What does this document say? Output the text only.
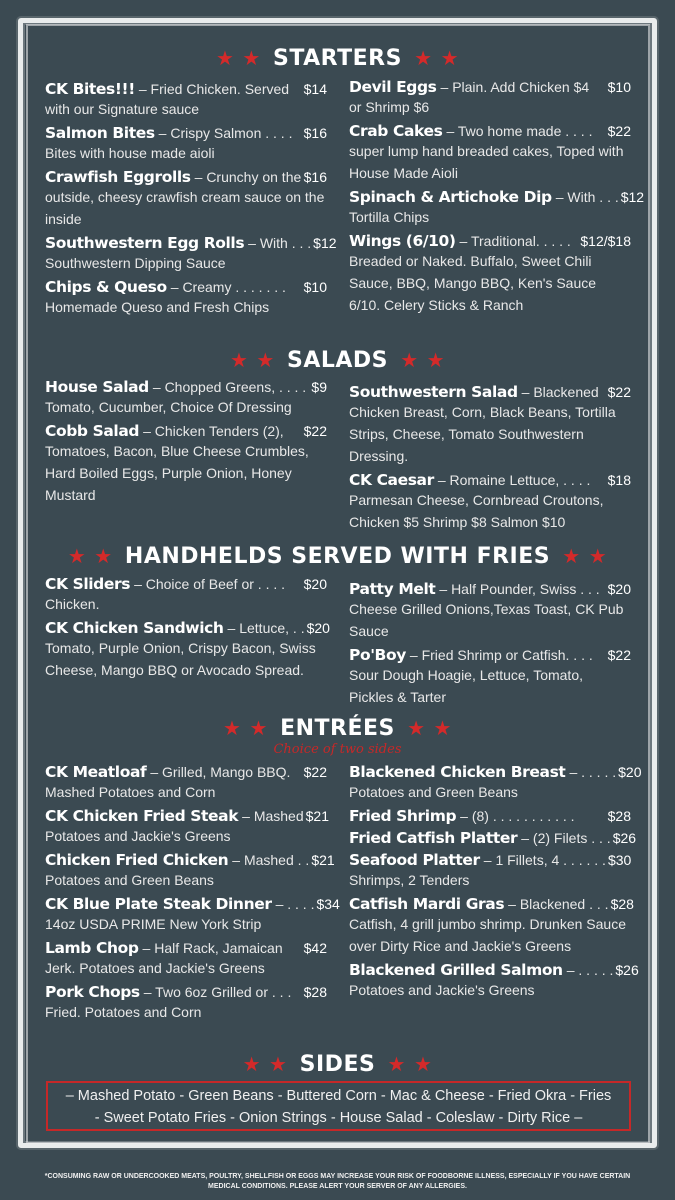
★ ★ STARTERS ★ ★
CK Bites!!! – Fried Chicken. Served	$14
with our Signature sauce
Salmon Bites – Crispy Salmon . . . . $16
Bites with house made aioli
Crawfish Eggrolls – Crunchy on the $16
outside, cheesy crawfish cream sauce on the inside
Southwestern Egg Rolls – With . . . $12
Southwestern Dipping Sauce
Chips & Queso – Creamy . . . . . . .	$10
Homemade Queso and Fresh Chips
Devil Eggs – Plain. Add Chicken $4	$10
or Shrimp $6
Crab Cakes – Two home made . . . .	$22
super lump hand breaded cakes, Toped with House Made Aioli
Spinach & Artichoke Dip – With . . . $12
Tortilla Chips
Wings (6/10) – Traditional. . . . . $12/$18
Breaded or Naked. Buffalo, Sweet Chili Sauce, BBQ, Mango BBQ, Ken's Sauce 6/10. Celery Sticks & Ranch
★ ★ SALADS ★ ★
House Salad – Chopped Greens, . . . . $9
Tomato, Cucumber, Choice Of Dressing
Cobb Salad – Chicken Tenders (2),	$22
Tomatoes, Bacon, Blue Cheese Crumbles, Hard Boiled Eggs, Purple Onion, Honey Mustard
Southwestern Salad – Blackened $22
Chicken Breast, Corn, Black Beans, Tortilla Strips, Cheese, Tomato Southwestern Dressing.
CK Caesar – Romaine Lettuce, . . . .	$18
Parmesan Cheese, Cornbread Croutons, Chicken $5 Shrimp $8 Salmon $10
★ ★ HANDHELDS SERVED WITH FRIES ★ ★
CK Sliders – Choice of Beef or . . . .	$20
Chicken.
CK Chicken Sandwich – Lettuce, . . $20
Tomato, Purple Onion, Crispy Bacon, Swiss Cheese, Mango BBQ or Avocado Spread.
Patty Melt – Half Pounder, Swiss . . . $20
Cheese Grilled Onions,Texas Toast, CK Pub Sauce
Po'Boy – Fried Shrimp or Catfish. . . .	$22
Sour Dough Hoagie, Lettuce, Tomato, Pickles & Tarter
★ ★ ENTRÉES ★ ★
Choice of two sides
CK Meatloaf – Grilled, Mango BBQ. $22
Mashed Potatoes and Corn
CK Chicken Fried Steak – Mashed $21
Potatoes and Jackie's Greens
Chicken Fried Chicken – Mashed . . $21
Potatoes and Green Beans
CK Blue Plate Steak Dinner – . . . . $34
14oz USDA PRIME New York Strip
Lamb Chop – Half Rack, Jamaican	$42
Jerk. Potatoes and Jackie's Greens
Pork Chops – Two 6oz Grilled or . . . $28
Fried. Potatoes and Corn
Blackened Chicken Breast – . . . . . $20
Potatoes and Green Beans
Fried Shrimp – (8) . . . . . . . . . . .	$28
Fried Catfish Platter – (2) Filets . . . $26
Seafood Platter – 1 Fillets, 4 . . . . . . $30
Shrimps, 2 Tenders
Catfish Mardi Gras – Blackened . . . $28
Catfish, 4 grill jumbo shrimp. Drunken Sauce over Dirty Rice and Jackie's Greens
Blackened Grilled Salmon – . . . . . $26
Potatoes and Jackie's Greens
★ ★ SIDES ★ ★
– Mashed Potato - Green Beans - Buttered Corn - Mac & Cheese - Fried Okra - Fries
- Sweet Potato Fries - Onion Strings - House Salad - Coleslaw - Dirty Rice –
*CONSUMING RAW OR UNDERCOOKED MEATS, POULTRY, SHELLFISH OR EGGS MAY INCREASE YOUR RISK OF FOODBORNE ILLNESS, ESPECIALLY IF YOU HAVE CERTAIN MEDICAL CONDITIONS. PLEASE ALERT YOUR SERVER OF ANY ALLERGIES.
